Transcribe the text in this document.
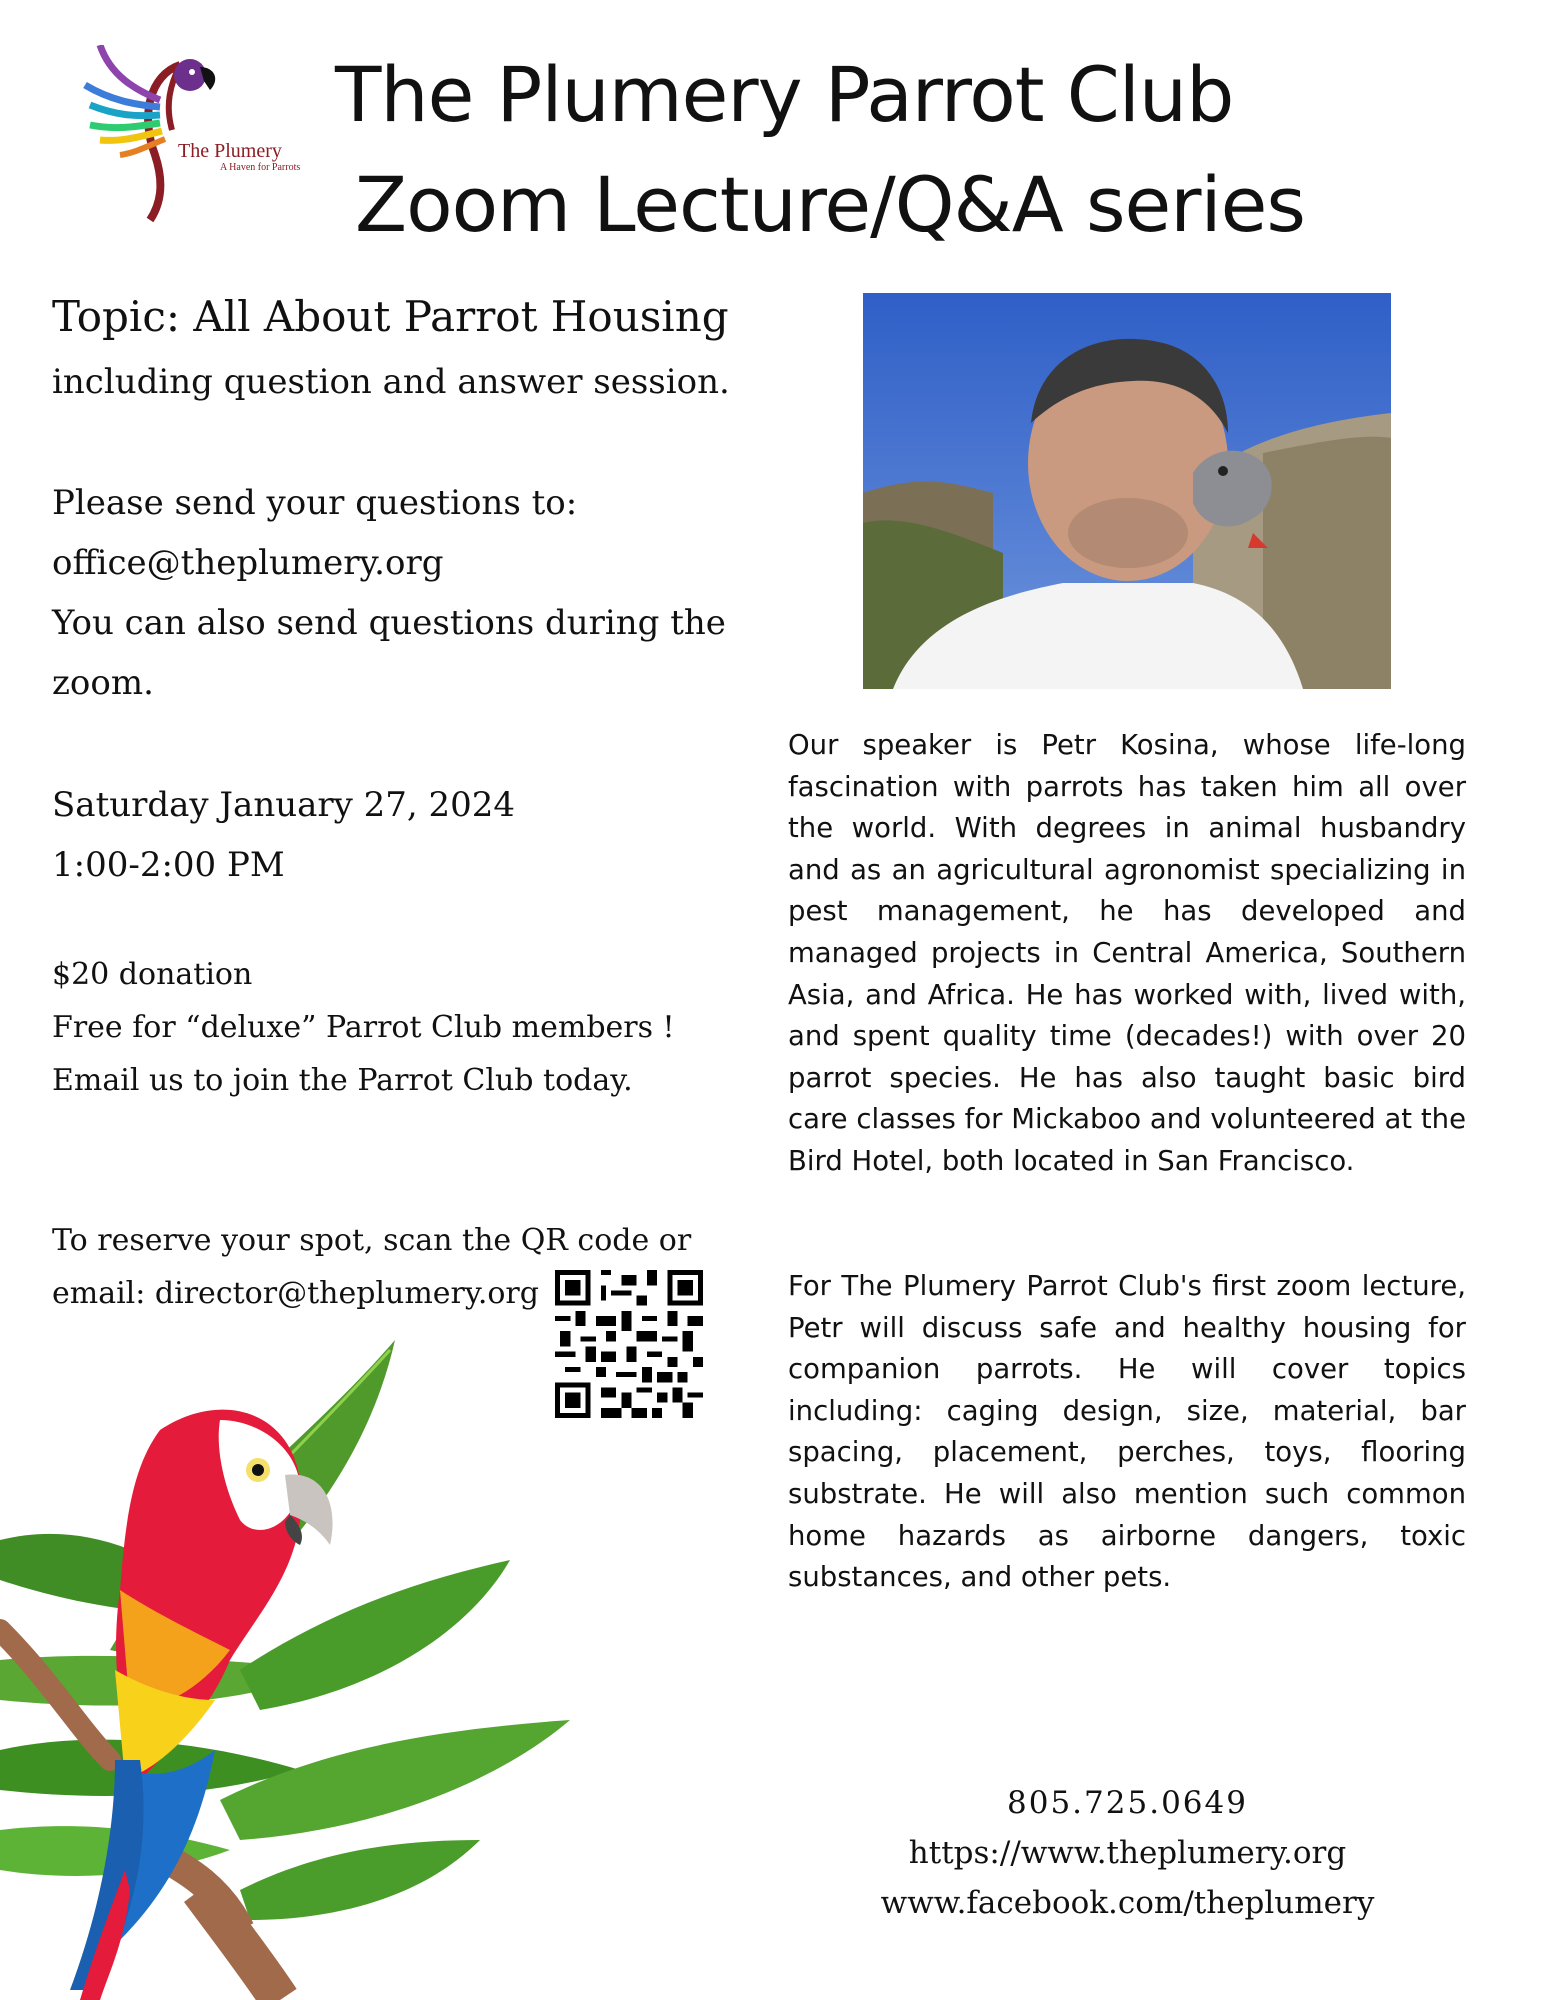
The Plumery
A Haven for Parrots
The Plumery Parrot Club
Zoom Lecture/Q&A series
Topic: All About Parrot Housing
including question and answer session.
Please send your questions to:
office@theplumery.org
You can also send questions during the
zoom.
Saturday January 27, 2024
1:00-2:00 PM
$20 donation
Free for “deluxe” Parrot Club members !
Email us to join the Parrot Club today.
To reserve your spot, scan the QR code or
email: director@theplumery.org
Our speaker is Petr Kosina, whose life-long fascination with parrots has taken him all over the world. With degrees in animal husbandry and as an agricultural agronomist specializing in pest management, he has developed and managed projects in Central America, Southern Asia, and Africa. He has worked with, lived with, and spent quality time (decades!) with over 20 parrot species. He has also taught basic bird care classes for Mickaboo and volunteered at the Bird Hotel, both located in San Francisco.
For The Plumery Parrot Club's first zoom lecture, Petr will discuss safe and healthy housing for companion parrots. He will cover topics including: caging design, size, material, bar spacing, placement, perches, toys, flooring substrate. He will also mention such common home hazards as airborne dangers, toxic substances, and other pets.
805.725.0649
https://www.theplumery.org
www.facebook.com/theplumery
